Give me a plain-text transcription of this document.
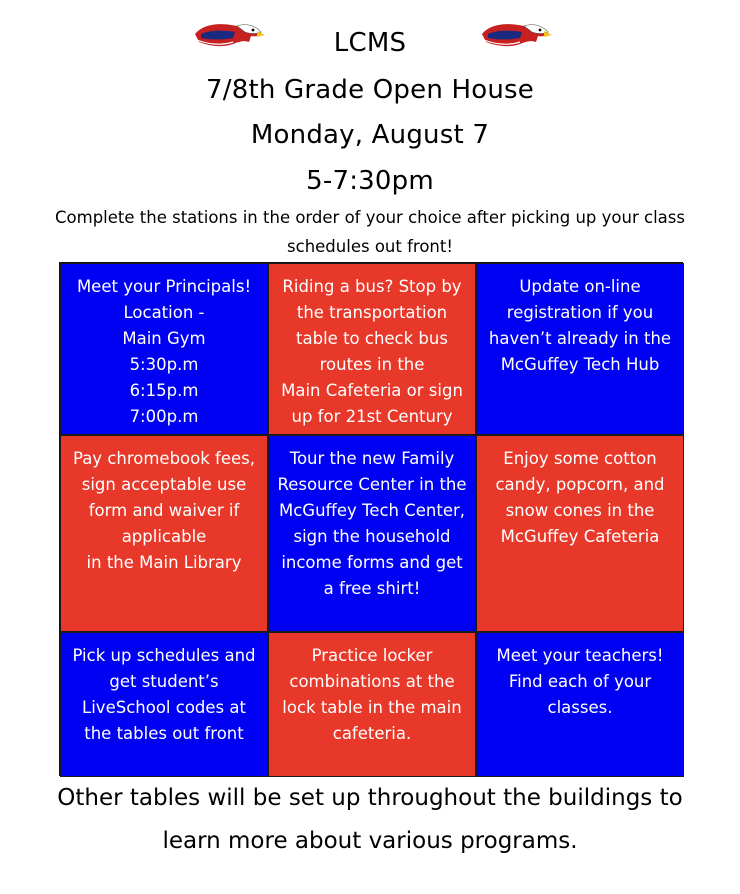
LCMS
7/8th Grade Open House
Monday, August 7
5-7:30pm
Complete the stations in the order of your choice after picking up your class schedules out front!

Meet your Principals!

Location -

Main Gym

5:30p.m

6:15p.m

7:00p.m

Riding a bus? Stop by the transportation table to check bus routes in the

Main Cafeteria or sign up for 21st Century

Update on-line registration if you haven’t already in the McGuffey Tech Hub

Pay chromebook fees, sign acceptable use form and waiver if applicable

in the Main Library

Tour the new Family Resource Center in the McGuffey Tech Center, sign the household income forms and get a free shirt!

Enjoy some cotton candy, popcorn, and snow cones in the McGuffey Cafeteria

Pick up schedules and get student’s LiveSchool codes at the tables out front

Practice locker combinations at the lock table in the main cafeteria.

Meet your teachers! Find each of your classes.

Other tables will be set up throughout the buildings to learn more about various programs.
